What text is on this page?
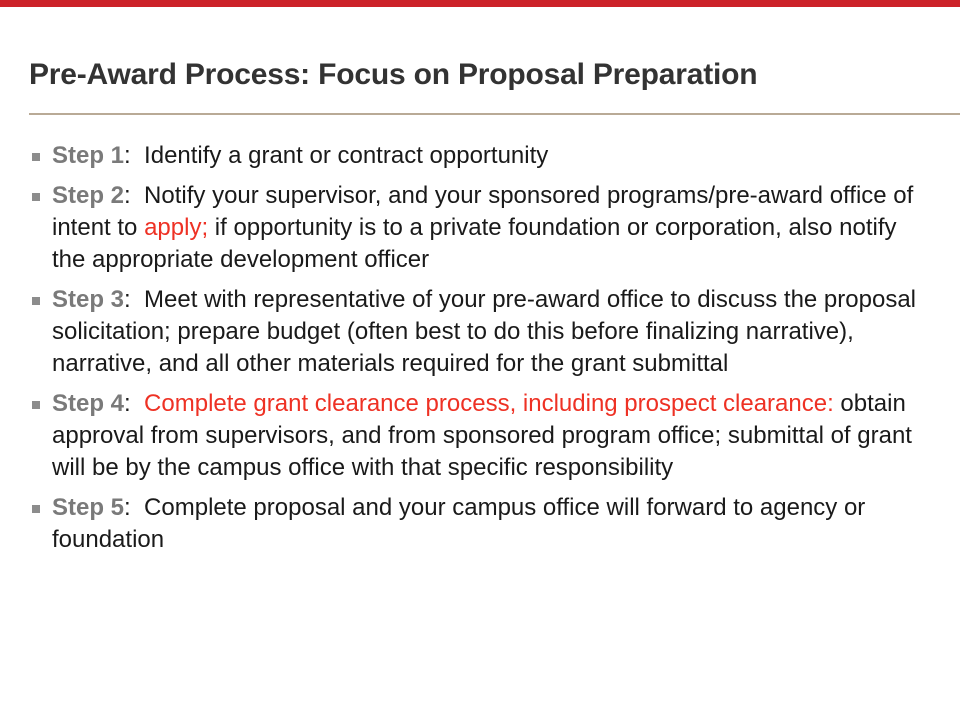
Pre-Award Process: Focus on Proposal Preparation
Step 1: Identify a grant or contract opportunity
Step 2: Notify your supervisor, and your sponsored programs/pre-award office of intent to apply; if opportunity is to a private foundation or corporation, also notify the appropriate development officer
Step 3: Meet with representative of your pre-award office to discuss the proposal solicitation; prepare budget (often best to do this before finalizing narrative), narrative, and all other materials required for the grant submittal
Step 4: Complete grant clearance process, including prospect clearance: obtain approval from supervisors, and from sponsored program office; submittal of grant will be by the campus office with that specific responsibility
Step 5: Complete proposal and your campus office will forward to agency or foundation
